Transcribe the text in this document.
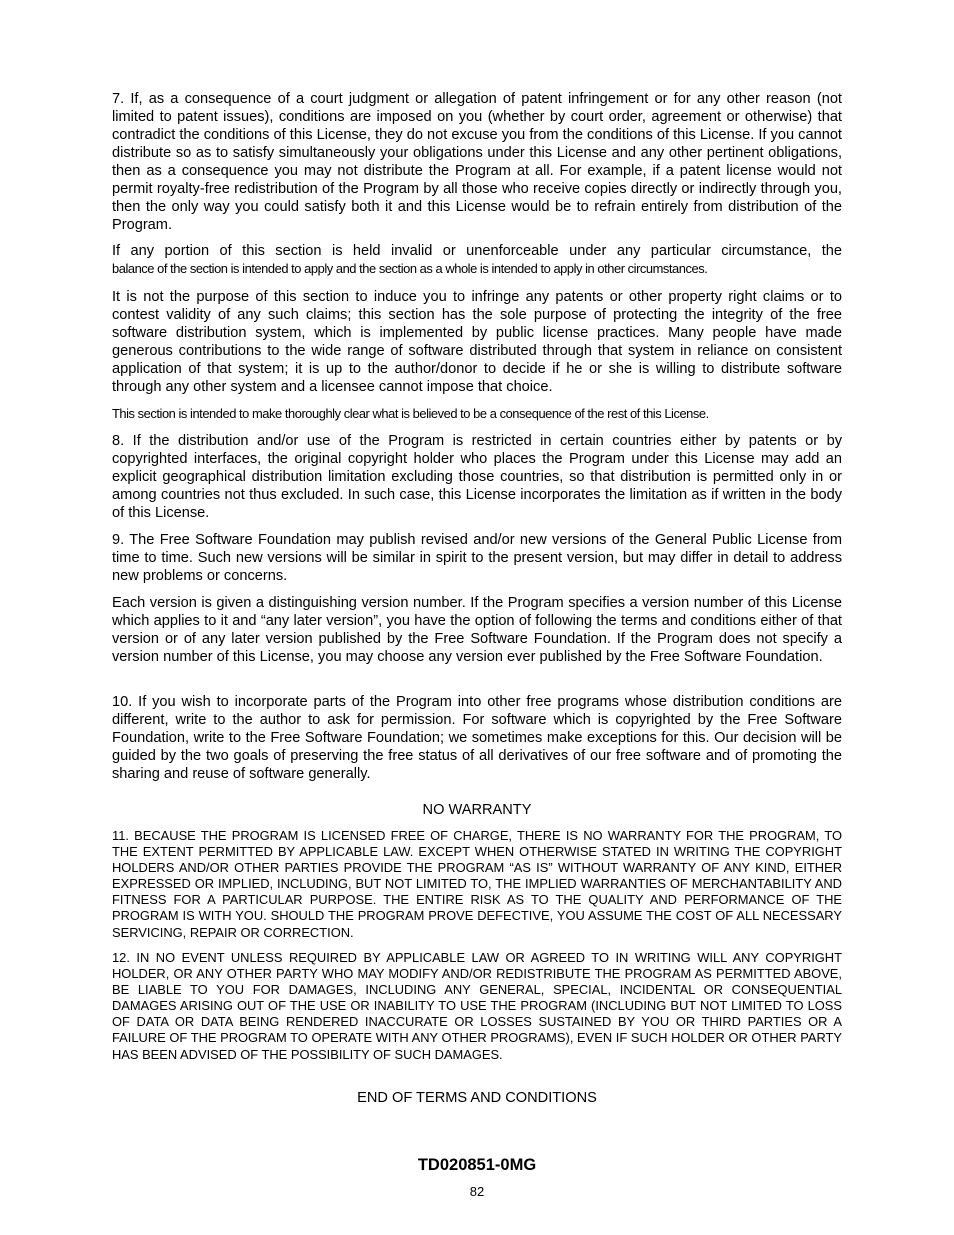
7. If, as a consequence of a court judgment or allegation of patent infringement or for any other reason (not limited to patent issues), conditions are imposed on you (whether by court order, agreement or otherwise) that contradict the conditions of this License, they do not excuse you from the conditions of this License. If you cannot distribute so as to satisfy simultaneously your obligations under this License and any other pertinent obligations, then as a consequence you may not distribute the Program at all. For example, if a patent license would not permit royalty-free redistribution of the Program by all those who receive copies directly or indirectly through you, then the only way you could satisfy both it and this License would be to refrain entirely from distribution of the Program.

If any portion of this section is held invalid or unenforceable under any particular circumstance, the
balance of the section is intended to apply and the section as a whole is intended to apply in other circumstances.

It is not the purpose of this section to induce you to infringe any patents or other property right claims or to contest validity of any such claims; this section has the sole purpose of protecting the integrity of the free software distribution system, which is implemented by public license practices. Many people have made generous contributions to the wide range of software distributed through that system in reliance on consistent application of that system; it is up to the author/donor to decide if he or she is willing to distribute software through any other system and a licensee cannot impose that choice.

This section is intended to make thoroughly clear what is believed to be a consequence of the rest of this License.

8. If the distribution and/or use of the Program is restricted in certain countries either by patents or by copyrighted interfaces, the original copyright holder who places the Program under this License may add an explicit geographical distribution limitation excluding those countries, so that distribution is permitted only in or among countries not thus excluded. In such case, this License incorporates the limitation as if written in the body of this License.

9. The Free Software Foundation may publish revised and/or new versions of the General Public License from time to time. Such new versions will be similar in spirit to the present version, but may differ in detail to address new problems or concerns.

Each version is given a distinguishing version number. If the Program specifies a version number of this License which applies to it and “any later version”, you have the option of following the terms and conditions either of that version or of any later version published by the Free Software Foundation. If the Program does not specify a version number of this License, you may choose any version ever published by the Free Software Foundation.

10. If you wish to incorporate parts of the Program into other free programs whose distribution conditions are different, write to the author to ask for permission. For software which is copyrighted by the Free Software Foundation, write to the Free Software Foundation; we sometimes make exceptions for this. Our decision will be guided by the two goals of preserving the free status of all derivatives of our free software and of promoting the sharing and reuse of software generally.

NO WARRANTY

11. BECAUSE THE PROGRAM IS LICENSED FREE OF CHARGE, THERE IS NO WARRANTY FOR THE PROGRAM, TO THE EXTENT PERMITTED BY APPLICABLE LAW. EXCEPT WHEN OTHERWISE STATED IN WRITING THE COPYRIGHT HOLDERS AND/OR OTHER PARTIES PROVIDE THE PROGRAM “AS IS” WITHOUT WARRANTY OF ANY KIND, EITHER EXPRESSED OR IMPLIED, INCLUDING, BUT NOT LIMITED TO, THE IMPLIED WARRANTIES OF MERCHANTABILITY AND FITNESS FOR A PARTICULAR PURPOSE. THE ENTIRE RISK AS TO THE QUALITY AND PERFORMANCE OF THE PROGRAM IS WITH YOU. SHOULD THE PROGRAM PROVE DEFECTIVE, YOU ASSUME THE COST OF ALL NECESSARY SERVICING, REPAIR OR CORRECTION.

12. IN NO EVENT UNLESS REQUIRED BY APPLICABLE LAW OR AGREED TO IN WRITING WILL ANY COPYRIGHT HOLDER, OR ANY OTHER PARTY WHO MAY MODIFY AND/OR REDISTRIBUTE THE PROGRAM AS PERMITTED ABOVE, BE LIABLE TO YOU FOR DAMAGES, INCLUDING ANY GENERAL, SPECIAL, INCIDENTAL OR CONSEQUENTIAL DAMAGES ARISING OUT OF THE USE OR INABILITY TO USE THE PROGRAM (INCLUDING BUT NOT LIMITED TO LOSS OF DATA OR DATA BEING RENDERED INACCURATE OR LOSSES SUSTAINED BY YOU OR THIRD PARTIES OR A FAILURE OF THE PROGRAM TO OPERATE WITH ANY OTHER PROGRAMS), EVEN IF SUCH HOLDER OR OTHER PARTY HAS BEEN ADVISED OF THE POSSIBILITY OF SUCH DAMAGES.

END OF TERMS AND CONDITIONS

TD020851-0MG

82
